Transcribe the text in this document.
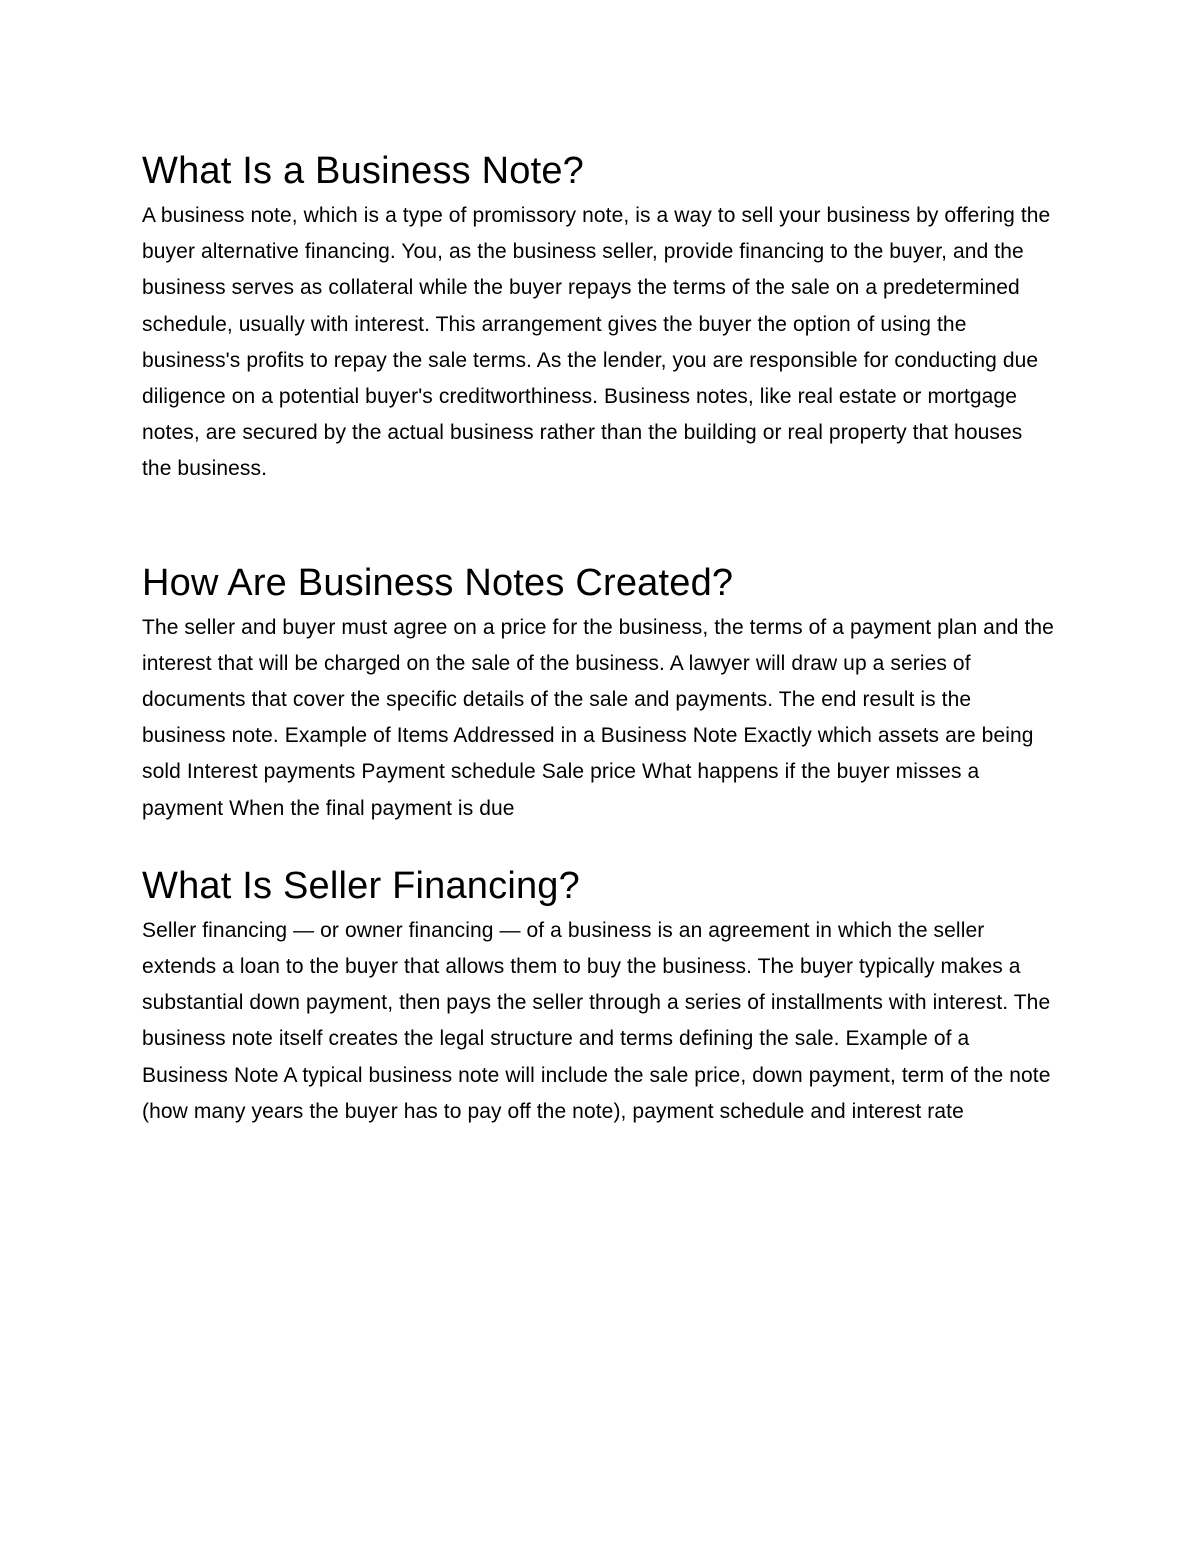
What Is a Business Note?

A business note, which is a type of promissory note, is a way to sell your business by offering the buyer alternative financing. You, as the business seller, provide financing to the buyer, and the business serves as collateral while the buyer repays the terms of the sale on a predetermined schedule, usually with interest. This arrangement gives the buyer the option of using the business's profits to repay the sale terms. As the lender, you are responsible for conducting due diligence on a potential buyer's creditworthiness. Business notes, like real estate or mortgage notes, are secured by the actual business rather than the building or real property that houses the business.

How Are Business Notes Created?

The seller and buyer must agree on a price for the business, the terms of a payment plan and the interest that will be charged on the sale of the business. A lawyer will draw up a series of documents that cover the specific details of the sale and payments. The end result is the business note. Example of Items Addressed in a Business Note Exactly which assets are being sold Interest payments Payment schedule Sale price What happens if the buyer misses a payment When the final payment is due

What Is Seller Financing?

Seller financing — or owner financing — of a business is an agreement in which the seller extends a loan to the buyer that allows them to buy the business. The buyer typically makes a substantial down payment, then pays the seller through a series of installments with interest. The business note itself creates the legal structure and terms defining the sale. Example of a Business Note A typical business note will include the sale price, down payment, term of the note (how many years the buyer has to pay off the note), payment schedule and interest rate
